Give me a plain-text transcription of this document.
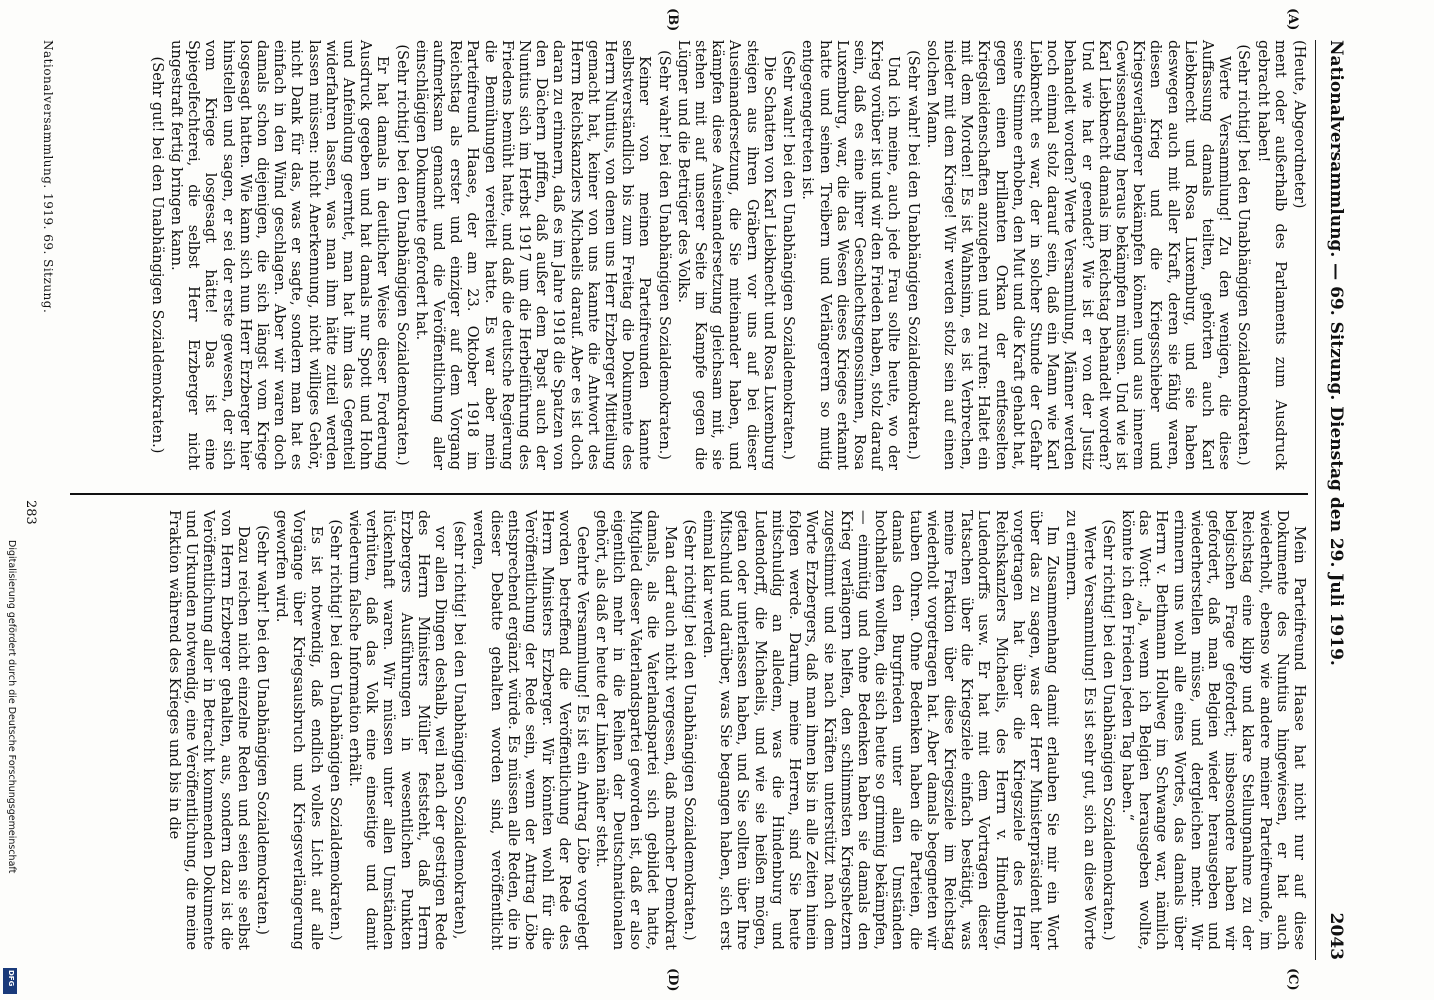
Nationalversammlung. — 69. Sitzung. Dienstag den 29. Juli 1919.
2043
(A)
(B)
(C)
(D)

(Heute, Abgeordneter)

ment oder außerhalb des Parlaments zum Ausdruck gebracht haben!

(Sehr richtig! bei den Unabhängigen Sozialdemokraten.)

Werte Versammlung! Zu den wenigen, die diese Auffassung damals teilten, gehörten auch Karl Liebknecht und Rosa Luxemburg, und sie haben deswegen auch mit aller Kraft, deren sie fähig waren, diesen Krieg und die Kriegsschieber und Kriegsverlängerer bekämpfen können und aus innerem Gewissensdrang heraus bekämpfen müssen. Und wie ist Karl Liebknecht damals im Reichstag behandelt worden? Und wie hat er geendet? Wie ist er von der Justiz behandelt worden? Werte Versammlung, Männer werden noch einmal stolz darauf sein, daß ein Mann wie Karl Liebknecht es war, der in solcher Stunde der Gefahr seine Stimme erhoben, den Mut und die Kraft gehabt hat, gegen einen brillanten Orkan der entfesselten Kriegsleidenschaften anzugehen und zu rufen: Haltet ein mit dem Morden! Es ist Wahnsinn, es ist Verbrechen, nieder mit dem Kriege! Wir werden stolz sein auf einen solchen Mann.

(Sehr wahr! bei den Unabhängigen Sozialdemokraten.)

Und ich meine, auch jede Frau sollte heute, wo der Krieg vorüber ist und wir den Frieden haben, stolz darauf sein, daß es eine ihrer Geschlechtsgenossinnen, Rosa Luxemburg, war, die das Wesen dieses Krieges erkannt hatte und seinen Treibern und Verlängerern so mutig entgegengetreten ist.

(Sehr wahr! bei den Unabhängigen Sozialdemokraten.)

Die Schatten von Karl Liebknecht und Rosa Luxemburg steigen aus ihren Gräbern vor uns auf bei dieser Auseinandersetzung, die Sie miteinander haben, und kämpfen diese Auseinandersetzung gleichsam mit, sie stehen mit auf unserer Seite im Kampfe gegen die Lügner und die Betrüger des Volks.

(Sehr wahr! bei den Unabhängigen Sozialdemokraten.)

Keiner von meinen Parteifreunden kannte selbstverständlich bis zum Freitag die Dokumente des Herrn Nuntius, von denen uns Herr Erzberger Mitteilung gemacht hat, keiner von uns kannte die Antwort des Herrn Reichskanzlers Michaelis darauf. Aber es ist doch daran zu erinnern, daß es im Jahre 1918 die Spatzen von den Dächern pfiffen, daß außer dem Papst auch der Nuntius sich im Herbst 1917 um die Herbeiführung des Friedens bemüht hatte, und daß die deutsche Regierung die Bemühungen vereitelt hatte. Es war aber mein Parteifreund Haase, der am 23. Oktober 1918 im Reichstag als erster und einziger auf dem Vorgang aufmerksam gemacht und die Veröffentlichung aller einschlägigen Dokumente gefordert hat.

(Sehr richtig! bei den Unabhängigen Sozialdemokraten.)

Er hat damals in deutlicher Weise dieser Forderung Ausdruck gegeben und hat damals nur Spott und Hohn und Anfeindung geerntet, man hat ihm das Gegenteil widerfahren lassen, was man ihm hätte zuteil werden lassen müssen: nicht Anerkennung, nicht williges Gehör, nicht Dank für das, was er sagte, sondern man hat es einfach in den Wind geschlagen. Aber wir waren doch damals schon diejenigen, die sich längst vom Kriege losgesagt hatten. Wie kann sich nun Herr Erzberger hier hinstellen und sagen, er sei der erste gewesen, der sich vom Kriege losgesagt hätte! Das ist eine Spiegelfechterei, die selbst Herr Erzberger nicht ungestraft fertig bringen kann.

(Sehr gut! bei den Unabhängigen Sozialdemokraten.)

Mein Parteifreund Haase hat nicht nur auf diese Dokumente des Nuntius hingewiesen, er hat auch wiederholt, ebenso wie andere meiner Parteifreunde, im Reichstag eine klipp und klare Stellungnahme zu der belgischen Frage gefordert; insbesondere haben wir gefordert, daß man Belgien wieder herausgeben und wiederherstellen müsse, und dergleichen mehr. Wir erinnern uns wohl alle eines Wortes, das damals über Herrn v. Bethmann Hollweg im Schwange war, nämlich das Wort: „Ja, wenn ich Belgien herausgeben wollte, könnte ich den Frieden jeden Tag haben.“

(Sehr richtig! bei den Unabhängigen Sozialdemokraten.)

Werte Versammlung! Es ist sehr gut, sich an diese Worte zu erinnern.

Im Zusammenhang damit erlauben Sie mir ein Wort über das zu sagen, was der Herr Ministerpräsident hier vorgetragen hat über die Kriegsziele des Herrn Reichskanzlers Michaelis, des Herrn v. Hindenburg, Ludendorffs usw. Er hat mit dem Vortragen dieser Tatsachen über die Kriegsziele einfach bestätigt, was meine Fraktion über diese Kriegsziele im Reichstag wiederholt vorgetragen hat. Aber damals begegneten wir tauben Ohren. Ohne Bedenken haben die Parteien, die damals den Burgfrieden unter allen Umständen hochhalten wollten, die sich heute so grimmig bekämpfen, — einmütig und ohne Bedenken haben sie damals den Krieg verlängern helfen, den schlimmsten Kriegshetzern zugestimmt und sie nach Kräften unterstützt nach dem Worte Erzbergers, daß man ihnen bis in alle Zeiten hinein folgen werde. Darum, meine Herren, sind Sie heute mitschuldig an alledem, was die Hindenburg und Ludendorff, die Michaelis, und wie sie heißen mögen, getan oder unterlassen haben, und Sie sollten über Ihre Mitschuld und darüber, was Sie begangen haben, sich erst einmal klar werden.

(Sehr richtig! bei den Unabhängigen Sozialdemokraten.)

Man darf auch nicht vergessen, daß mancher Demokrat damals, als die Vaterlandspartei sich gebildet hatte, Mitglied dieser Vaterlandspartei geworden ist, daß er also eigentlich mehr in die Reihen der Deutschnationalen gehört, als daß er heute der Linken näher steht.

Geehrte Versammlung! Es ist ein Antrag Löbe vorgelegt worden betreffend die Veröffentlichung der Rede des Herrn Ministers Erzberger. Wir könnten wohl für die Veröffentlichung der Rede sein, wenn der Antrag Löbe entsprechend ergänzt würde. Es müssen alle Reden, die in dieser Debatte gehalten worden sind, veröffentlicht werden,

(sehr richtig! bei den Unabhängigen Sozialdemokraten),

vor allen Dingen deshalb, weil nach der gestrigen Rede des Herrn Ministers Müller feststeht, daß Herrn Erzbergers Ausführungen in wesentlichen Punkten lückenhaft waren. Wir müssen unter allen Umständen verhüten, daß das Volk eine einseitige und damit wiederum falsche Information erhält.

(Sehr richtig! bei den Unabhängigen Sozialdemokraten.)

Es ist notwendig, daß endlich volles Licht auf alle Vorgänge über Kriegsausbruch und Kriegsverlängerung geworfen wird.

(Sehr wahr! bei den Unabhängigen Sozialdemokraten.)

Dazu reichen nicht einzelne Reden und seien sie selbst von Herrn Erzberger gehalten, aus, sondern dazu ist die Veröffentlichung aller in Betracht kommenden Dokumente und Urkunden notwendig, eine Veröffentlichung, die meine Fraktion während des Krieges und bis in die

Nationalversammlung. 1919. 69. Sitzung.
283
Digitalisierung gefördert durch die Deutsche Forschungsgemeinschaft
DFG
